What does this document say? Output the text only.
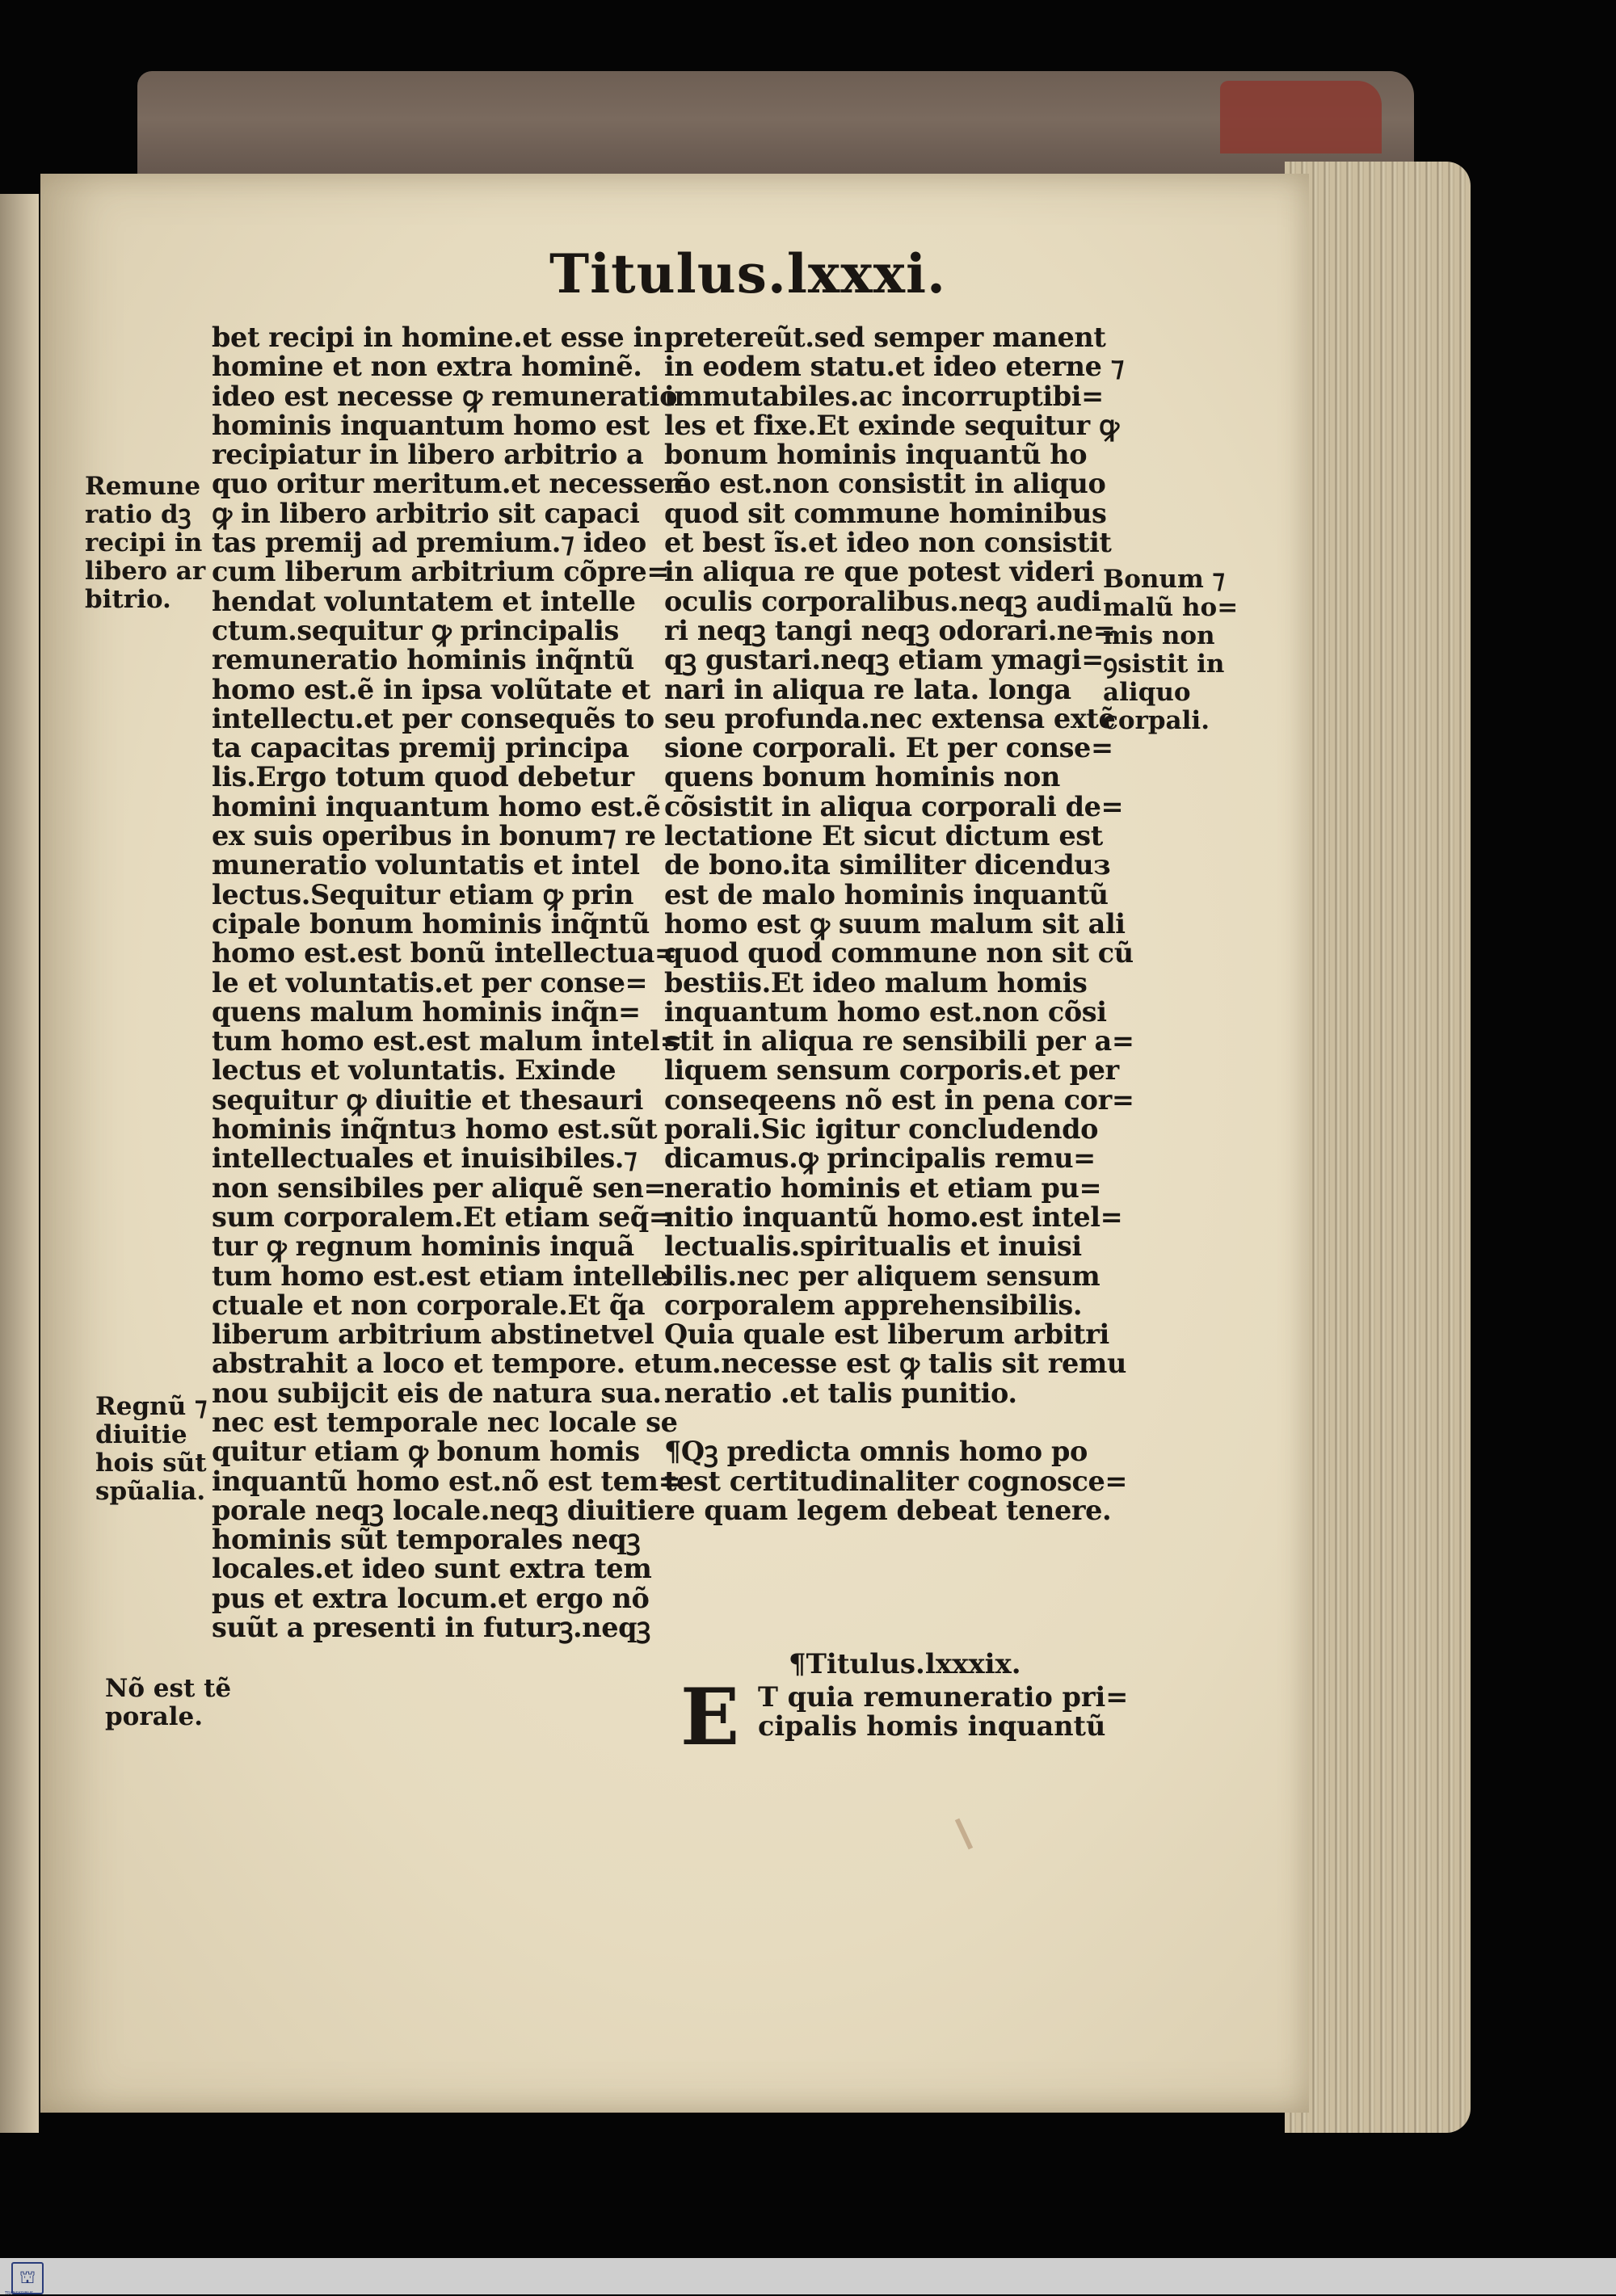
Titulus.lxxxi.
bet recipi in homine.et esse in
homine et non extra hominẽ.
ideo est necesse ꝙ remuneratio
hominis inquantum homo est
recipiatur in libero arbitrio a
quo oritur meritum.et necesse ẽ
ꝙ in libero arbitrio sit capaci
tas premij ad premium.⁊ ideo
cum liberum arbitrium cõpre=
hendat voluntatem et intelle
ctum.sequitur ꝙ principalis
remuneratio hominis inq̃ntũ
homo est.ẽ in ipsa volũtate et
intellectu.et per consequẽs to
ta capacitas premij principa
lis.Ergo totum quod debetur
homini inquantum homo est.ẽ
ex suis operibus in bonum⁊ re
muneratio voluntatis et intel
lectus.Sequitur etiam ꝙ prin
cipale bonum hominis inq̃ntũ
homo est.est bonũ intellectua=
le et voluntatis.et per conse=
quens malum hominis inq̃n=
tum homo est.est malum intel=
lectus et voluntatis. Exinde
sequitur ꝙ diuitie et thesauri
hominis inq̃ntuз homo est.sũt
intellectuales et inuisibiles.⁊
non sensibiles per aliquẽ sen=
sum corporalem.Et etiam seq̃=
tur ꝙ regnum hominis inquã
tum homo est.est etiam intelle
ctuale et non corporale.Et q̃a
liberum arbitrium abstinetvel
abstrahit a loco et tempore. et
nou subijcit eis de natura sua.
nec est temporale nec locale se
quitur etiam ꝙ bonum homis
inquantũ homo est.nõ est tem=
porale neqꝫ locale.neqꝫ diuitie
hominis sũt temporales neqꝫ
locales.et ideo sunt extra tem
pus et extra locum.et ergo nõ
suũt a presenti in futurꝫ.neqꝫ
pretereũt.sed semper manent
in eodem statu.et ideo eterne ⁊
immutabiles.ac incorruptibi=
les et fixe.Et exinde sequitur ꝙ
bonum hominis inquantũ ho
mo est.non consistit in aliquo
quod sit commune hominibus
et best ĩs.et ideo non consistit
in aliqua re que potest videri
oculis corporalibus.neqꝫ audi
ri neqꝫ tangi neqꝫ odorari.ne=
qꝫ gustari.neqꝫ etiam ymagi=
nari in aliqua re lata. longa
seu profunda.nec extensa extẽ
sione corporali. Et per conse=
quens bonum hominis non
cõsistit in aliqua corporali de=
lectatione Et sicut dictum est
de bono.ita similiter dicenduз
est de malo hominis inquantũ
homo est ꝙ suum malum sit ali
quod quod commune non sit cũ
bestiis.Et ideo malum homis
inquantum homo est.non cõsi
stit in aliqua re sensibili per a=
liquem sensum corporis.et per
conseqeens nõ est in pena cor=
porali.Sic igitur concludendo
dicamus.ꝙ principalis remu=
neratio hominis et etiam pu=
nitio inquantũ homo.est intel=
lectualis.spiritualis et inuisi
bilis.nec per aliquem sensum
corporalem apprehensibilis.
Quia quale est liberum arbitri
um.necesse est ꝙ talis sit remu
neratio .et talis punitio.
¶Qꝫ predicta omnis homo po
test certitudinaliter cognosce=
re quam legem debeat tenere.
Remune
ratio dꝫ
recipi in
libero ar
bitrio.
Regnũ ⁊
diuitie
hois sũt
spũalia.
Nõ est tẽ
porale.
Bonum ⁊
malũ ho=
mis non
ꝯsistit in
aliquo
corpali.
¶Titulus.lxxxix.
E T quia remuneratio pri=
cipalis homis inquantũ
⛫
TRANSKRIBUS
